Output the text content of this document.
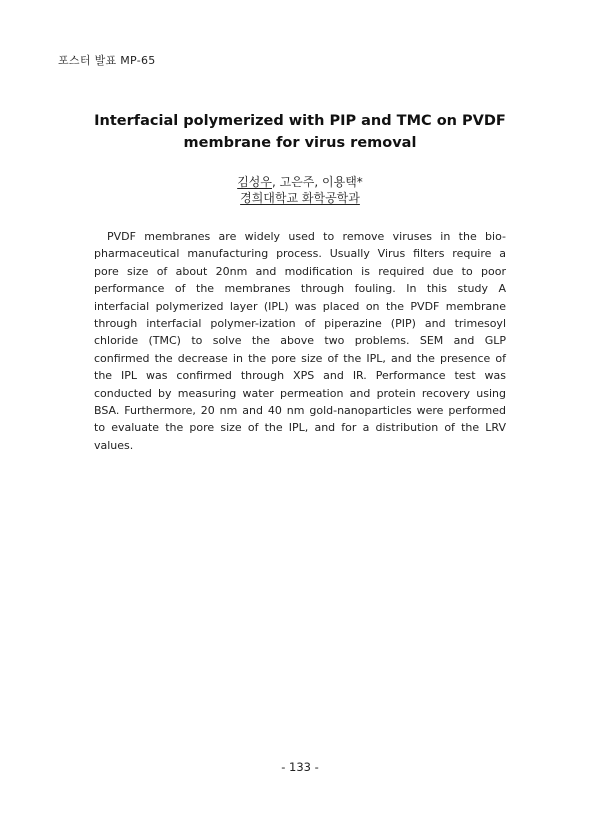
포스터 발표 MP-65
Interfacial polymerized with PIP and TMC on PVDF
membrane for virus removal
김성우, 고은주, 이용택*
경희대학교 화학공학과

PVDF membranes are widely used to remove viruses in the bio-pharmaceutical manufacturing process. Usually Virus filters require a pore size of about 20nm and modification is required due to poor performance of the membranes through fouling. In this study A interfacial polymerized layer (IPL) was placed on the PVDF membrane through interfacial polymer-ization of piperazine (PIP) and trimesoyl chloride (TMC) to solve the above two problems. SEM and GLP confirmed the decrease in the pore size of the IPL, and the presence of the IPL was confirmed through XPS and IR. Performance test was conducted by measuring water permeation and protein recovery using BSA. Furthermore, 20 nm and 40 nm gold-nanoparticles were performed to evaluate the pore size of the IPL, and for a distribution of the LRV values.

- 133 -
